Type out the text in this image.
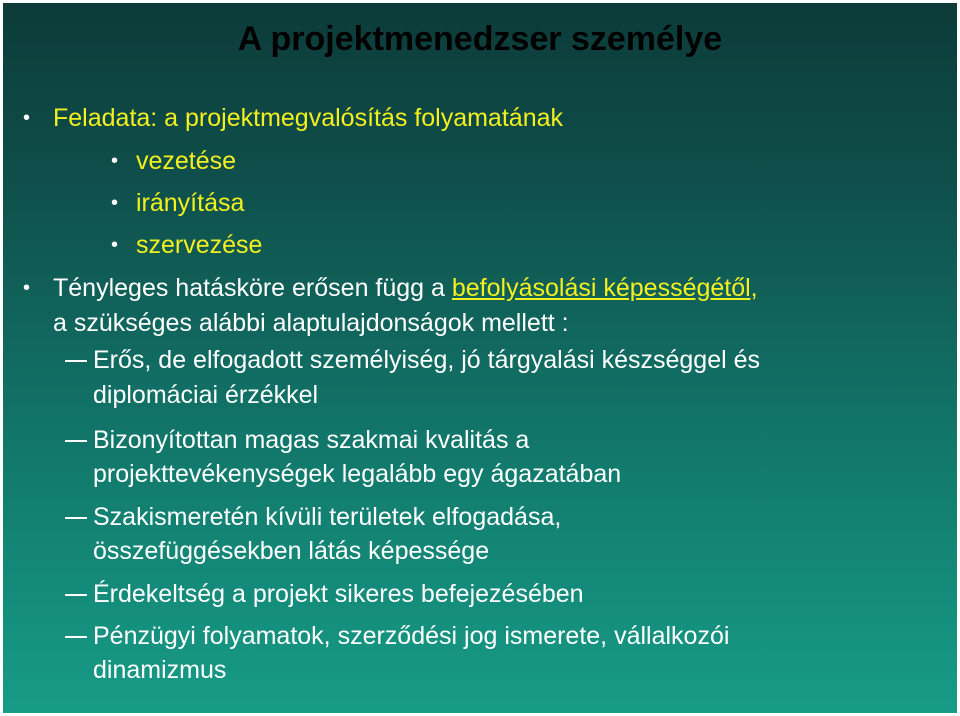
A projektmenedzser személye
• Feladata: a projektmegvalósítás folyamatának
• vezetése
• irányítása
• szervezése
• Tényleges hatásköre erősen függ a befolyásolási képességétől,
a szükséges alábbi alaptulajdonságok mellett :
Erős, de elfogadott személyiség, jó tárgyalási készséggel és
diplomáciai érzékkel
Bizonyítottan magas szakmai kvalitás a
projekttevékenységek legalább egy ágazatában
Szakismeretén kívüli területek elfogadása,
összefüggésekben látás képessége
Érdekeltség a projekt sikeres befejezésében
Pénzügyi folyamatok, szerződési jog ismerete, vállalkozói
dinamizmus
